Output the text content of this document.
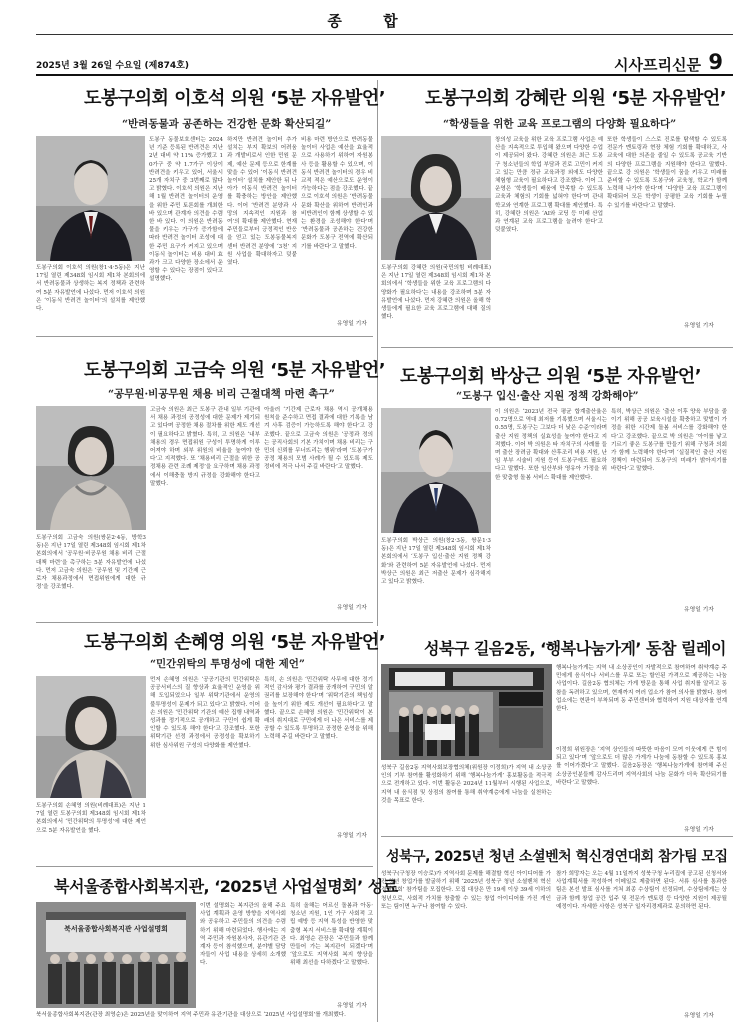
종 합
2025년 3월 26일 수요일 (제874호)	시사프리신문 9
도봉구의회 이호석 의원 ‘5분 자유발언’
“반려동물과 공존하는 건강한 문화 확산되길”
도봉구의회 이호석 의원(창1·4·5동)은 지난 17일 열린 제348회 임시회 제1차 본회의에서 반려동물과 상생하는 복지 정책과 관련하여 5분 자유발언에 나섰다. 먼저 이호석 의원은 ‘이동식 반려견 놀이터’의 설치를 제안했다.
도봉구 동물보호센터는 2024년 기준 등록된 반려견은 지난 2년 대비 약 11% 증가했고 10가구 중 약 1.7가구 이상이 반려견을 키우고 있어, 서울시 25개 자치구 중 3번째로 많다고 밝혔다. 이호석 의원은 지난해 1월 반려견 놀이터의 운영을 위한 주민 토론회를 개최한 바 있으며 관계자 의견을 수렴한 바 있다. 이 의원은 반려동물을 키우는 가구가 증가함에 따라 반려견 놀이터 조성에 대한 주민 요구가 커지고 있으며 이동식 놀이터는 비용 대비 효과가 크고 다양한 장소에서 운영할 수 있다는 장점이 있다고 설명했다.
하지만 반려견 놀이터 추가 설치는 부지 확보의 어려움과 개발비로서 인한 민원 문제, 예산 문제 등으로 한계를 맞을 수 있어 ‘이동식 반려견 놀이터’ 설치를 제안한 뒤 나아가 이동식 반려견 놀이터를 확충하는 방안을 제안했다. 이어 ‘반려견 분양과 사망의 지속적인 지원과 참여’의 확대를 제안했다. 현재 주민들로부터 긍정적인 반응을 얻고 있는 도봉동물복지센터 반려견 분양에 ‘3천’ 지원 사업을 확대하자고 덧붙였다.
비용 마련 방안으로 반려동물 놀이터 사업은 예산을 효율적으로 사용하기 위하여 자원봉사 등을 활용할 수 있으며, 이동식 반려견 놀이터의 경우 비교적 적은 예산으로도 운영이 가능하다는 점을 강조했다. 끝으로 이호석 의원은 ‘반려동물 문화 확산을 위하여 반려인과 비반려인이 함께 상생할 수 있는 환경을 조성해야 한다’며 ‘반려동물과 공존하는 건강한 문화가 도봉구 전역에 확산되기를 바란다’고 말했다.
유영일 기자
도봉구의회 강혜란 의원 ‘5분 자유발언’
“학생들을 위한 교육 프로그램의 다양화 필요하다”
도봉구의회 강혜란 의원(국민의힘 비례대표)은 지난 17일 열린 제348회 임시회 제1차 본회의에서 ‘학생들을 위한 교육 프로그램의 다양화가 필요하다’는 내용을 강조하며 5분 자유발언에 나섰다. 먼저 강혜란 의원은 올해 학생들에게 필요한 교육 프로그램에 대해 질의했다.
창의성 교육을 위한 교육 프로그램 사업은 예산을 지속적으로 투입해 왔으며 다양한 수업이 제공되어 왔다. 강혜란 의원은 최근 도봉구 청소년들의 학업 부담과 진로 고민이 커지고 있는 만큼 정규 교육과정 외에도 다양한 체험형 교육이 필요하다고 강조했다. 이어 그 운영은 ‘학생들이 배움에 만족할 수 있도록 교육과 체험의 기회를 넓혀야 한다’며 관내 학교와 연계한 프로그램 확대를 제안했다. 특히, 강혜란 의원은 ‘AI와 코딩 등 미래 산업과 연계된 교육 프로그램을 늘려야 한다’고 덧붙였다.
또한 학생들이 스스로 진로를 탐색할 수 있도록 전문가 멘토링과 현장 체험 기회를 확대하고, 사교육에 대한 의존을 줄일 수 있도록 공교육 기반의 다양한 프로그램을 지원해야 한다고 말했다. 끝으로 강 의원은 ‘학생들이 꿈을 키우고 미래를 준비할 수 있도록 도봉구와 교육청, 학교가 함께 노력해 나가야 한다’며 ‘다양한 교육 프로그램이 확대되어 모든 학생이 공평한 교육 기회를 누릴 수 있기를 바란다’고 말했다.
유영일 기자
도봉구의회 고금숙 의원 ‘5분 자유발언’
“공무원·비공무원 채용 비리 근절대책 마련 촉구”
도봉구의회 고금숙 의원(쌍문2·4동, 방학3동)은 지난 17일 열린 제348회 임시회 제1차 본회의에서 ‘공무원·비공무원 채용 비리 근절대책 마련’을 촉구하는 5분 자유발언에 나섰다. 먼저 고금숙 의원은 ‘공무원 및 기간제 근로자 채용과정에서 면접위원에게 대한 규정’을 강조했다.
고금숙 의원은 최근 도봉구 관내 일부 기관에서 채용 과정의 공정성에 대한 문제가 제기되고 있다며 공정한 채용 절차를 위한 제도 개선이 필요하다고 밝혔다. 특히, 고 의원은 ‘내부채용의 경우 면접위원 구성이 투명하게 이루어져야 하며 외부 위원의 비율을 높여야 한다’고 지적했다. 또 ‘채용비리 근절을 위한 공정채용 관련 조례 제정’을 요구하며 채용 과정에서 이해충돌 방지 규정을 강화해야 한다고 말했다.
아울러 ‘기간제 근로자 채용 역시 공개채용 원칙을 준수하고 면접 결과에 대한 기록을 남겨 사후 검증이 가능하도록 해야 한다’고 강조했다. 끝으로 고금숙 의원은 ‘공정과 정의는 공직사회의 기본 가치이며 채용 비리는 구민의 신뢰를 무너뜨리는 행위’라며 ‘도봉구가 공정 채용의 모범 사례가 될 수 있도록 제도 정비에 적극 나서 주길 바란다’고 말했다.
유영일 기자
도봉구의회 박상근 의원 ‘5분 자유발언’
“도봉구 입신·출산 지원 정책 강화해야”
도봉구의회 박상근 의원(창2·3동, 쌍문1·3동)은 지난 17일 열린 제348회 임시회 제1차 본회의에서 ‘도봉구 입신·출산 지원 정책 강화’와 관련하여 5분 자유발언에 나섰다. 먼저 박상근 의원은 최근 저출산 문제가 심각해지고 있다고 밝혔다.
이 의원은 ‘2023년 전국 평균 합계출산율은 0.72명으로 역대 최저를 기록했으며 서울시는 0.55명, 도봉구는 그보다 더 낮은 수준’이라며 출산 지원 정책의 실효성을 높여야 한다고 지적했다. 이어 박 의원은 타 자치구의 사례를 들며 출산 장려금 확대와 산후조리 비용 지원, 난임 부부 시술비 지원 등이 도봉구에도 필요하다고 말했다. 또한 임산부와 영유아 가정을 위한 맞춤형 돌봄 서비스 확대를 제안했다.
특히, 박상근 의원은 ‘출산 이후 양육 부담을 줄이기 위해 공공 보육시설을 확충하고 맞벌이 가정을 위한 시간제 돌봄 서비스를 강화해야 한다’고 강조했다. 끝으로 박 의원은 ‘아이를 낳고 기르기 좋은 도봉구를 만들기 위해 구청과 의회가 함께 노력해야 한다’며 ‘실질적인 출산 지원 정책이 마련되어 도봉구의 미래가 밝아지기를 바란다’고 말했다.
유영일 기자
도봉구의회 손혜영 의원 ‘5분 자유발언’
“민간위탁의 투명성에 대한 제언”
도봉구의회 손혜영 의원(비례대표)은 지난 17일 열린 도봉구의회 제348회 임시회 제1차 본회의에서 ‘민간위탁의 투명성’에 대한 제언으로 5분 자유발언을 했다.
먼저 손혜영 의원은 ‘공공기관의 민간위탁은 공공서비스의 질 향상과 효율적인 운영을 위해 도입되었으나 일부 위탁기관에서 운영의 불투명성이 문제가 되고 있다’고 밝혔다. 이어 손 의원은 ‘민간위탁 기관의 예산 집행 내역과 성과를 정기적으로 공개하고 구민이 쉽게 확인할 수 있도록 해야 한다’고 강조했다. 또한 위탁기관 선정 과정에서 공정성을 확보하기 위한 심사위원 구성의 다양화를 제안했다.
특히, 손 의원은 ‘민간위탁 사무에 대한 정기적인 감사와 평가 결과를 공개하여 구민의 알 권리를 보장해야 한다’며 ‘위탁기관의 책임성을 높이기 위한 제도 개선이 필요하다’고 말했다. 끝으로 손혜영 의원은 ‘민간위탁이 본래의 취지대로 구민에게 더 나은 서비스를 제공할 수 있도록 투명하고 공정한 운영을 위해 노력해 주길 바란다’고 말했다.
유영일 기자
성북구 길음2동, ‘행복나눔가게’ 동참 릴레이
성북구 길음2동 지역사회보장협의체(위원장 이정희)가 지역 내 소상공인의 기부 참여를 활성화하기 위해 ‘행복나눔가게’ 홍보활동을 적극적으로 전개하고 있다. 이번 활동은 2024년 11월부터 시행된 사업으로, 지역 내 음식점 및 상점의 참여를 통해 취약계층에게 나눔을 실천하는 것을 목표로 한다.
행복나눔가게는 지역 내 소상공인이 자발적으로 참여하여 취약계층 주민에게 음식이나 서비스를 무료 또는 할인된 가격으로 제공하는 나눔 사업이다. 길음2동 협의체는 가게 방문을 통해 사업 취지를 알리고 동참을 독려하고 있으며, 현재까지 여러 업소가 참여 의사를 밝혔다. 참여 업소에는 현판이 부착되며 동 주민센터와 협력하여 지원 대상자를 연계한다.
이정희 위원장은 ‘지역 상인들의 따뜻한 마음이 모여 이웃에게 큰 힘이 되고 있다’며 ‘앞으로도 더 많은 가게가 나눔에 동참할 수 있도록 홍보를 이어가겠다’고 말했다. 길음2동장은 ‘행복나눔가게에 참여해 주신 소상공인분들께 감사드리며 지역사회의 나눔 문화가 더욱 확산되기를 바란다’고 말했다.
유영일 기자
성북구, 2025년 청년 소셜벤처 혁신경연대회 참가팀 모집
성북구(구청장 이승로)가 지역사회 문제를 해결할 혁신 아이디어를 가진 청년 창업가를 발굴하기 위해 ‘2025년 성북구 청년 소셜벤처 혁신경연대회’ 참가팀을 모집한다. 모집 대상은 만 19세 이상 39세 이하의 청년으로, 사회적 가치를 창출할 수 있는 창업 아이디어를 가진 개인 또는 팀이면 누구나 참여할 수 있다.
참가 희망자는 오는 4월 11일까지 성북구청 누리집에 공고된 신청서와 사업계획서를 작성하여 이메일로 제출하면 된다. 서류 심사를 통과한 팀은 본선 발표 심사를 거쳐 최종 수상팀이 선정되며, 수상팀에게는 상금과 함께 창업 공간 입주 및 전문가 멘토링 등 다양한 지원이 제공될 예정이다. 자세한 사항은 성북구 일자리경제과로 문의하면 된다.
유영일 기자
북서울종합사회복지관, ‘2025년 사업설명회’ 성료
북서울종합사회복지관 사업설명회
북서울종합사회복지관(관장 최영순)은 2025년을 맞이하여 지역 주민과 유관기관을 대상으로 ‘2025년 사업설명회’를 개최했다.
이번 설명회는 복지관의 올해 주요 사업 계획과 운영 방향을 지역사회와 공유하고 주민들의 의견을 수렴하기 위해 마련되었다. 행사에는 지역 주민과 자원봉사자, 유관기관 관계자 등이 참석했으며, 분야별 담당자들이 사업 내용을 상세히 소개했다.
특히 올해는 어르신 돌봄과 아동·청소년 지원, 1인 가구 사회적 고립 예방 등 지역 특성을 반영한 맞춤형 복지 서비스를 확대할 계획이다. 최영순 관장은 ‘주민들과 함께 만들어 가는 복지관이 되겠다’며 ‘앞으로도 지역사회 복지 향상을 위해 최선을 다하겠다’고 말했다.
유영일 기자
